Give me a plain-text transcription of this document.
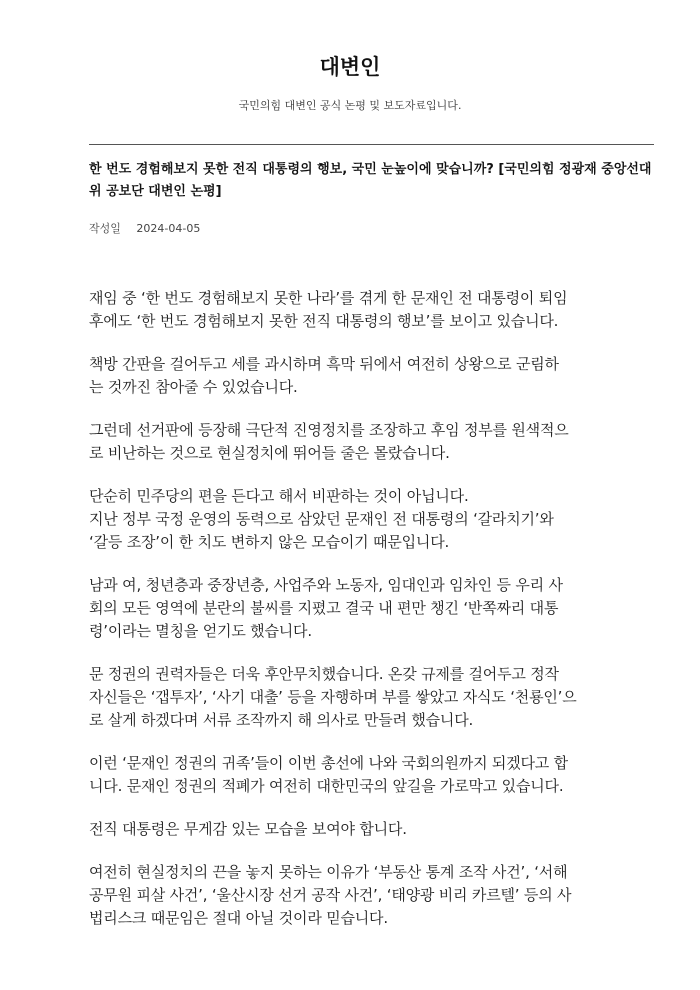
대변인
국민의힘 대변인 공식 논평 및 보도자료입니다.
한 번도 경험해보지 못한 전직 대통령의 행보, 국민 눈높이에 맞습니까? [국민의힘 정광재 중앙선대위 공보단 대변인 논평]
작성일 2024-04-05

재임 중 ‘한 번도 경험해보지 못한 나라’를 겪게 한 문재인 전 대통령이 퇴임
후에도 ‘한 번도 경험해보지 못한 전직 대통령의 행보’를 보이고 있습니다.

책방 간판을 걸어두고 세를 과시하며 흑막 뒤에서 여전히 상왕으로 군림하
는 것까진 참아줄 수 있었습니다.

그런데 선거판에 등장해 극단적 진영정치를 조장하고 후임 정부를 원색적으
로 비난하는 것으로 현실정치에 뛰어들 줄은 몰랐습니다.

단순히 민주당의 편을 든다고 해서 비판하는 것이 아닙니다.
지난 정부 국정 운영의 동력으로 삼았던 문재인 전 대통령의 ‘갈라치기’와
‘갈등 조장’이 한 치도 변하지 않은 모습이기 때문입니다.

남과 여, 청년층과 중장년층, 사업주와 노동자, 임대인과 임차인 등 우리 사
회의 모든 영역에 분란의 불씨를 지폈고 결국 내 편만 챙긴 ‘반쪽짜리 대통
령’이라는 멸칭을 얻기도 했습니다.

문 정권의 권력자들은 더욱 후안무치했습니다. 온갖 규제를 걸어두고 정작
자신들은 ‘갭투자’, ‘사기 대출’ 등을 자행하며 부를 쌓았고 자식도 ‘천룡인’으
로 살게 하겠다며 서류 조작까지 해 의사로 만들려 했습니다.

이런 ‘문재인 정권의 귀족’들이 이번 총선에 나와 국회의원까지 되겠다고 합
니다. 문재인 정권의 적폐가 여전히 대한민국의 앞길을 가로막고 있습니다.

전직 대통령은 무게감 있는 모습을 보여야 합니다.

여전히 현실정치의 끈을 놓지 못하는 이유가 ‘부동산 통계 조작 사건’, ‘서해
공무원 피살 사건’, ‘울산시장 선거 공작 사건’, ‘태양광 비리 카르텔’ 등의 사
법리스크 때문임은 절대 아닐 것이라 믿습니다.
